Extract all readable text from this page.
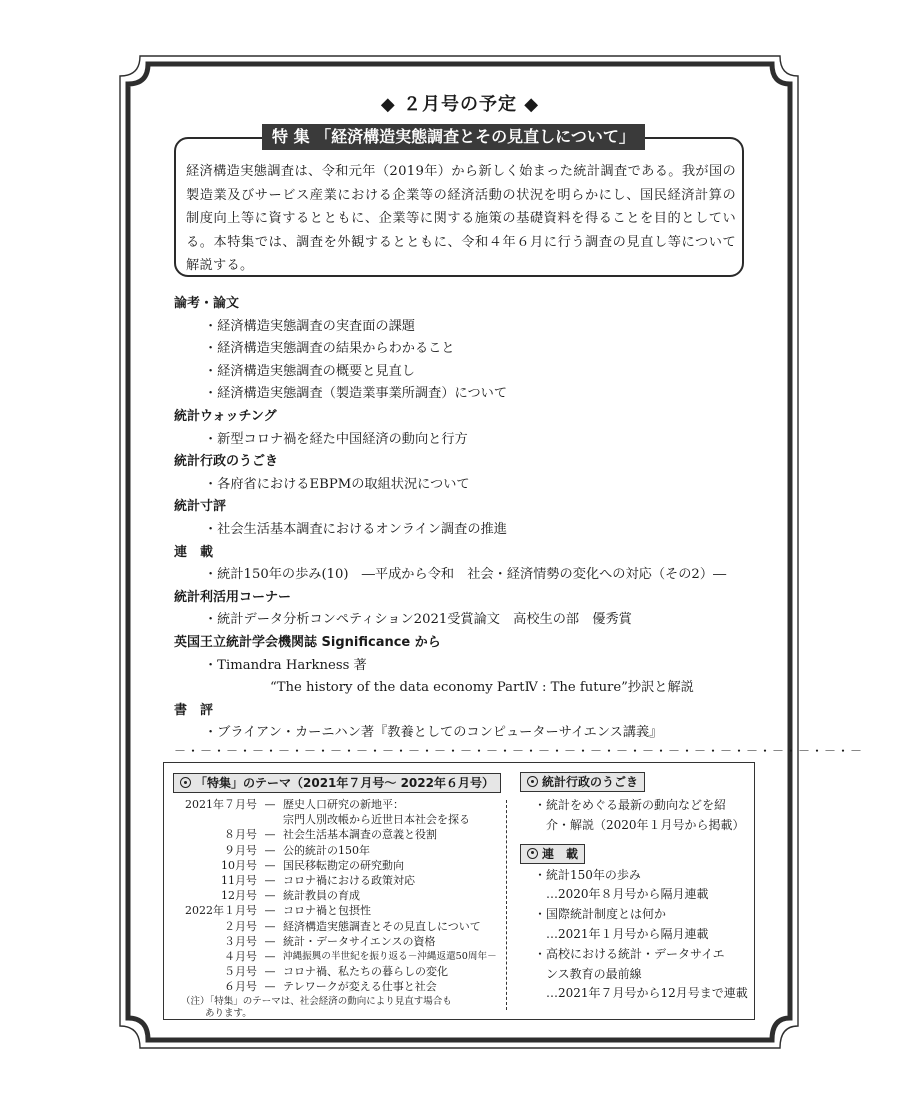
◆ ２月号の予定 ◆
特 集 「経済構造実態調査とその見直しについて」
経済構造実態調査は、令和元年（2019年）から新しく始まった統計調査である。我が国の製造業及びサービス産業における企業等の経済活動の状況を明らかにし、国民経済計算の制度向上等に資するとともに、企業等に関する施策の基礎資料を得ることを目的としている。本特集では、調査を外観するとともに、令和４年６月に行う調査の見直し等について解説する。
論考・論文
・経済構造実態調査の実査面の課題
・経済構造実態調査の結果からわかること
・経済構造実態調査の概要と見直し
・経済構造実態調査（製造業事業所調査）について
統計ウォッチング
・新型コロナ禍を経た中国経済の動向と行方
統計行政のうごき
・各府省におけるEBPMの取組状況について
統計寸評
・社会生活基本調査におけるオンライン調査の推進
連　載
・統計150年の歩み(10)　―平成から令和　社会・経済情勢の変化への対応（その2）―
統計利活用コーナー
・統計データ分析コンペティション2021受賞論文　高校生の部　優秀賞
英国王立統計学会機関誌 Significance から
・Timandra Harkness 著
“The history of the data economy PartⅣ : The future”抄訳と解説
書　評
・ブライアン・カーニハン著『教養としてのコンピューターサイエンス講義』
－・－・－・－・－・－・－・－・－・－・－・－・－・－・－・－・－・－・－・－・－・－・－・－・－・－・－
「特集」のテーマ（2021年７月号～ 2022年６月号）
2021年７月号 — 歴史人口研究の新地平：
宗門人別改帳から近世日本社会を探る
８月号 — 社会生活基本調査の意義と役割
９月号 — 公的統計の150年
10月号 — 国民移転勘定の研究動向
11月号 — コロナ禍における政策対応
12月号 — 統計教員の育成
2022年１月号 — コロナ禍と包摂性
２月号 — 経済構造実態調査とその見直しについて
３月号 — 統計・データサイエンスの資格
４月号 — 沖縄振興の半世紀を振り返る－沖縄返還50周年－
５月号 — コロナ禍、私たちの暮らしの変化
６月号 — テレワークが変える仕事と社会
（注）「特集」のテーマは、社会経済の動向により見直す場合も
あります。
統計行政のうごき
・統計をめぐる最新の動向などを紹
介・解説（2020年１月号から掲載）
連　載
・統計150年の歩み
…2020年８月号から隔月連載
・国際統計制度とは何か
…2021年１月号から隔月連載
・高校における統計・データサイエ
ンス教育の最前線
…2021年７月号から12月号まで連載
